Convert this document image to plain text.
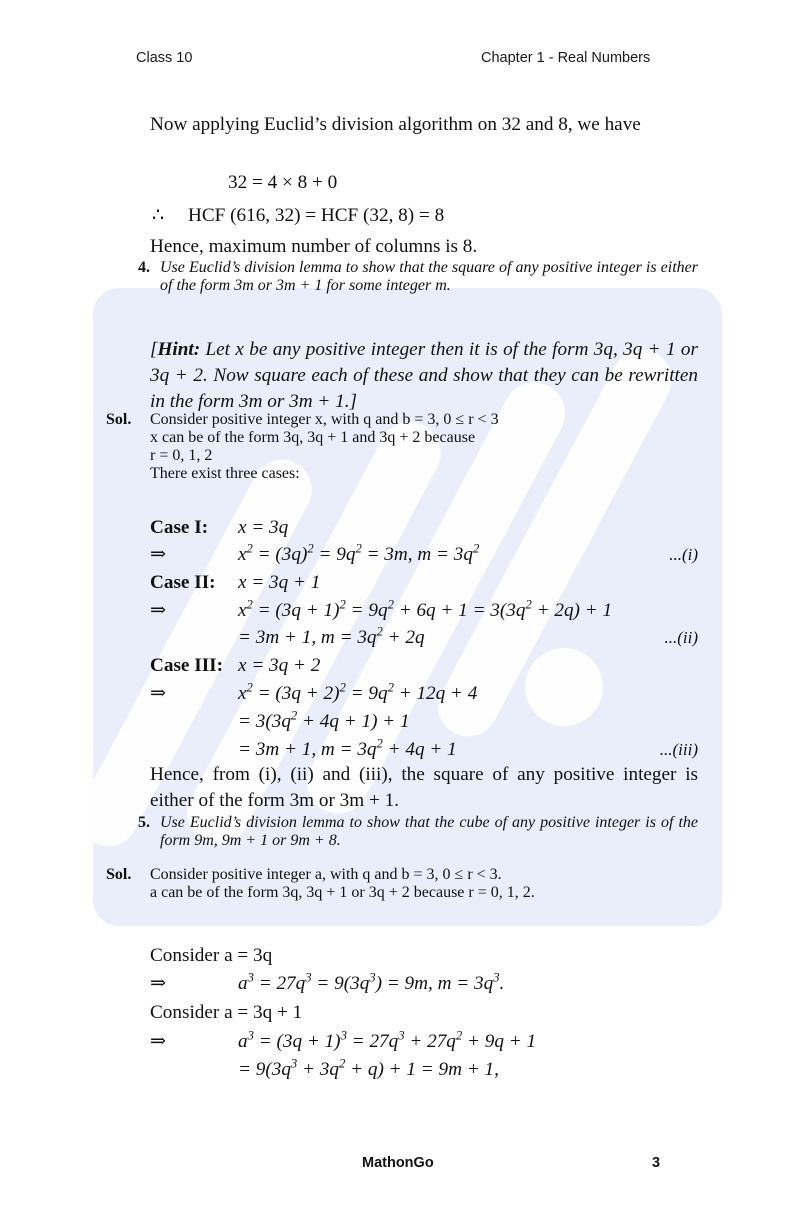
Class 10	Chapter 1 - Real Numbers
Now applying Euclid’s division algorithm on 32 and 8, we have
32 = 4 × 8 + 0
∴ HCF (616, 32) = HCF (32, 8) = 8
Hence, maximum number of columns is 8.
4. Use Euclid’s division lemma to show that the square of any positive integer is either of the form 3m or 3m + 1 for some integer m.
[Hint: Let x be any positive integer then it is of the form 3q, 3q + 1 or 3q + 2. Now square each of these and show that they can be rewritten in the form 3m or 3m + 1.]
Sol. Consider positive integer x, with q and b = 3, 0 ≤ r < 3
x can be of the form 3q, 3q + 1 and 3q + 2 because
r = 0, 1, 2
There exist three cases:
Case I: x = 3q
⇒	$x^2 = (3q)^2 = 9q^2 = 3m$, $m = 3q^2$	...(i)
Case II: x = 3q + 1
⇒	$x^2 = (3q + 1)^2 = 9q^2 + 6q + 1 = 3(3q^2 + 2q) + 1$
= 3m + 1, $m = 3q^2 + 2q$	...(ii)
Case III: x = 3q + 2
⇒	$x^2 = (3q + 2)^2 = 9q^2 + 12q + 4$
= $3(3q^2 + 4q + 1) + 1$
= 3m + 1, $m = 3q^2 + 4q + 1$	...(iii)
Hence, from (i), (ii) and (iii), the square of any positive integer is either of the form 3m or 3m + 1.
5. Use Euclid’s division lemma to show that the cube of any positive integer is of the form 9m, 9m + 1 or 9m + 8.
Sol. Consider positive integer a, with q and b = 3, 0 ≤ r < 3.
a can be of the form 3q, 3q + 1 or 3q + 2 because r = 0, 1, 2.
Consider a = 3q
⇒	$a^3 = 27q^3 = 9(3q^3) = 9m$, $m = 3q^3$.
Consider a = 3q + 1
⇒	$a^3 = (3q + 1)^3 = 27q^3 + 27q^2 + 9q + 1$
= $9(3q^3 + 3q^2 + q) + 1 = 9m + 1$,
MathonGo	3
